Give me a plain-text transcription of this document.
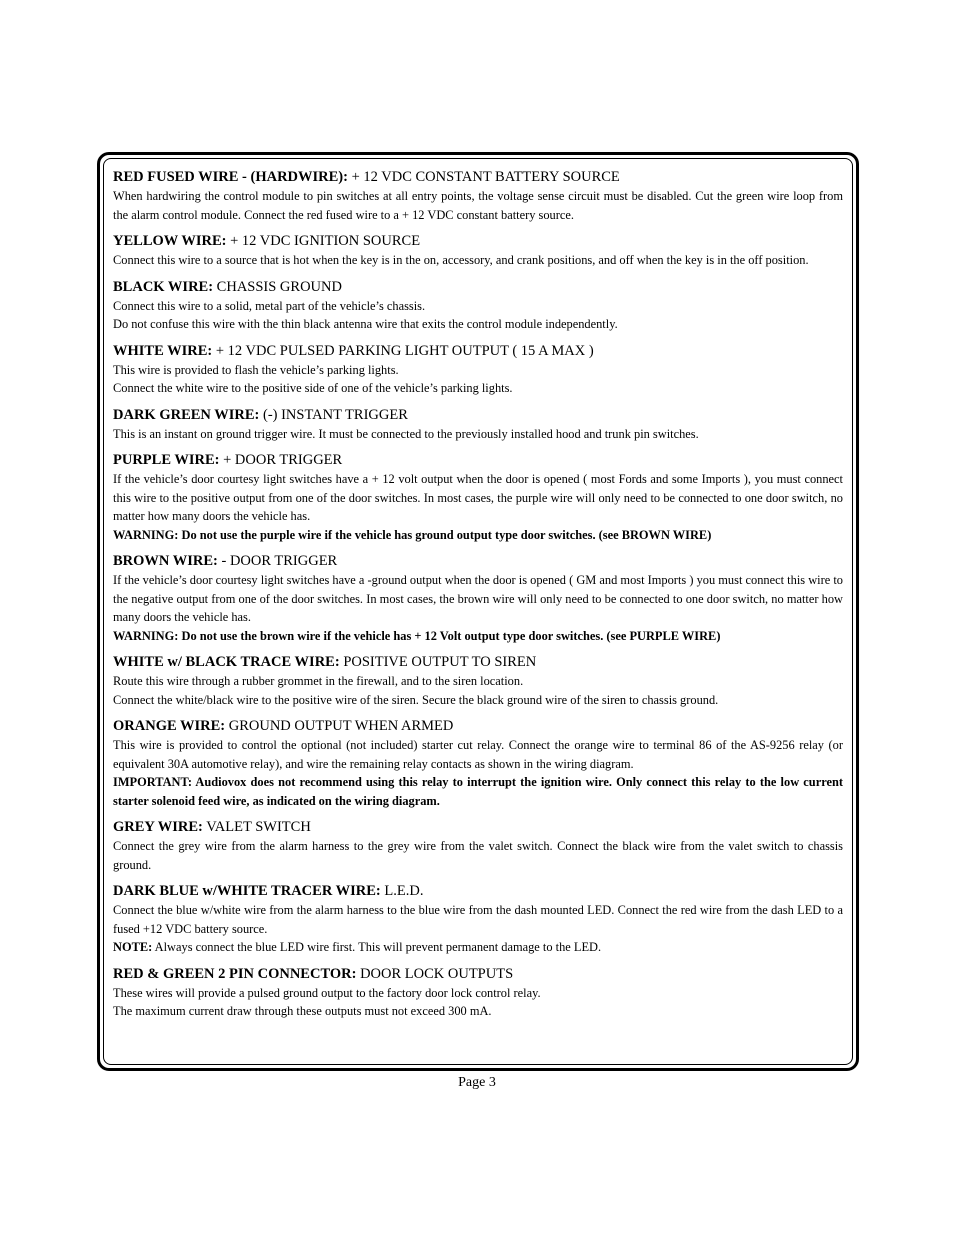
RED FUSED WIRE - (HARDWIRE): + 12 VDC CONSTANT BATTERY SOURCE

When hardwiring the control module to pin switches at all entry points, the voltage sense circuit must be disabled. Cut the green wire loop from the alarm control module. Connect the red fused wire to a + 12 VDC constant battery source.

YELLOW WIRE: + 12 VDC IGNITION SOURCE

Connect this wire to a source that is hot when the key is in the on, accessory, and crank positions, and off when the key is in the off position.

BLACK WIRE: CHASSIS GROUND

Connect this wire to a solid, metal part of the vehicle’s chassis.

Do not confuse this wire with the thin black antenna wire that exits the control module independently.

WHITE WIRE: + 12 VDC PULSED PARKING LIGHT OUTPUT ( 15 A MAX )

This wire is provided to flash the vehicle’s parking lights.

Connect the white wire to the positive side of one of the vehicle’s parking lights.

DARK GREEN WIRE: (-) INSTANT TRIGGER

This is an instant on ground trigger wire. It must be connected to the previously installed hood and trunk pin switches.

PURPLE WIRE: + DOOR TRIGGER

If the vehicle’s door courtesy light switches have a + 12 volt output when the door is opened ( most Fords and some Imports ), you must connect this wire to the positive output from one of the door switches. In most cases, the purple wire will only need to be connected to one door switch, no matter how many doors the vehicle has.

WARNING: Do not use the purple wire if the vehicle has ground output type door switches. (see BROWN WIRE)

BROWN WIRE: - DOOR TRIGGER

If the vehicle’s door courtesy light switches have a -ground output when the door is opened ( GM and most Imports ) you must connect this wire to the negative output from one of the door switches. In most cases, the brown wire will only need to be connected to one door switch, no matter how many doors the vehicle has.

WARNING: Do not use the brown wire if the vehicle has + 12 Volt output type door switches. (see PURPLE WIRE)

WHITE w/ BLACK TRACE WIRE: POSITIVE OUTPUT TO SIREN

Route this wire through a rubber grommet in the firewall, and to the siren location.

Connect the white/black wire to the positive wire of the siren. Secure the black ground wire of the siren to chassis ground.

ORANGE WIRE: GROUND OUTPUT WHEN ARMED

This wire is provided to control the optional (not included) starter cut relay. Connect the orange wire to terminal 86 of the AS-9256 relay (or equivalent 30A automotive relay), and wire the remaining relay contacts as shown in the wiring diagram.

IMPORTANT: Audiovox does not recommend using this relay to interrupt the ignition wire. Only connect this relay to the low current starter solenoid feed wire, as indicated on the wiring diagram.

GREY WIRE: VALET SWITCH

Connect the grey wire from the alarm harness to the grey wire from the valet switch. Connect the black wire from the valet switch to chassis ground.

DARK BLUE w/WHITE TRACER WIRE: L.E.D.

Connect the blue w/white wire from the alarm harness to the blue wire from the dash mounted LED. Connect the red wire from the dash LED to a fused +12 VDC battery source.

NOTE: Always connect the blue LED wire first. This will prevent permanent damage to the LED.

RED & GREEN 2 PIN CONNECTOR: DOOR LOCK OUTPUTS

These wires will provide a pulsed ground output to the factory door lock control relay.

The maximum current draw through these outputs must not exceed 300 mA.

Page 3
